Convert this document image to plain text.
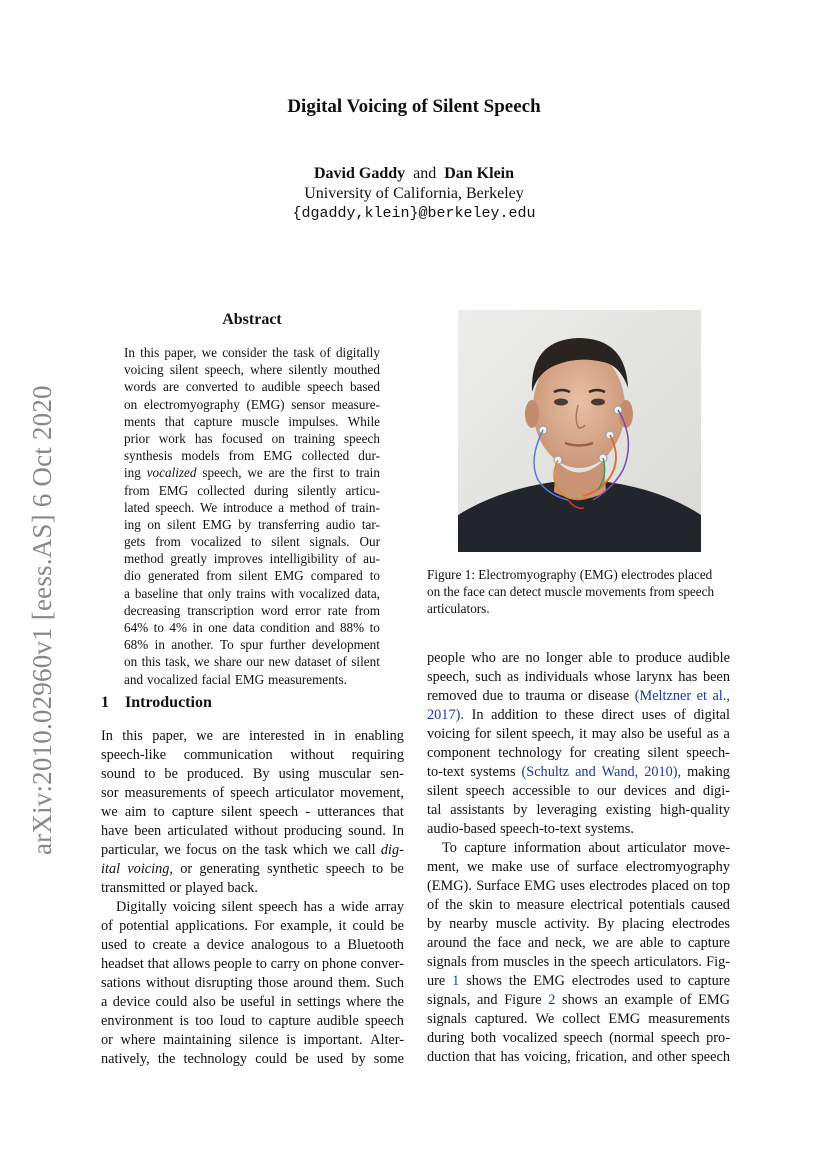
Digital Voicing of Silent Speech
David Gaddy and Dan Klein
University of California, Berkeley
{dgaddy,klein}@berkeley.edu
arXiv:2010.02960v1 [eess.AS] 6 Oct 2020
Abstract
In this paper, we consider the task of digitally
voicing silent speech, where silently mouthed
words are converted to audible speech based
on electromyography (EMG) sensor measure-
ments that capture muscle impulses. While
prior work has focused on training speech
synthesis models from EMG collected dur-
ing vocalized speech, we are the first to train
from EMG collected during silently articu-
lated speech. We introduce a method of train-
ing on silent EMG by transferring audio tar-
gets from vocalized to silent signals. Our
method greatly improves intelligibility of au-
dio generated from silent EMG compared to
a baseline that only trains with vocalized data,
decreasing transcription word error rate from
64% to 4% in one data condition and 88% to
68% in another. To spur further development
on this task, we share our new dataset of silent
and vocalized facial EMG measurements.
1 Introduction
In this paper, we are interested in in enabling
speech-like communication without requiring
sound to be produced. By using muscular sen-
sor measurements of speech articulator movement,
we aim to capture silent speech - utterances that
have been articulated without producing sound. In
particular, we focus on the task which we call dig-
ital voicing, or generating synthetic speech to be
transmitted or played back.
Digitally voicing silent speech has a wide array
of potential applications. For example, it could be
used to create a device analogous to a Bluetooth
headset that allows people to carry on phone conver-
sations without disrupting those around them. Such
a device could also be useful in settings where the
environment is too loud to capture audible speech
or where maintaining silence is important. Alter-
natively, the technology could be used by some
Figure 1: Electromyography (EMG) electrodes placed
on the face can detect muscle movements from speech
articulators.
people who are no longer able to produce audible
speech, such as individuals whose larynx has been
removed due to trauma or disease (Meltzner et al.,
2017). In addition to these direct uses of digital
voicing for silent speech, it may also be useful as a
component technology for creating silent speech-
to-text systems (Schultz and Wand, 2010), making
silent speech accessible to our devices and digi-
tal assistants by leveraging existing high-quality
audio-based speech-to-text systems.
To capture information about articulator move-
ment, we make use of surface electromyography
(EMG). Surface EMG uses electrodes placed on top
of the skin to measure electrical potentials caused
by nearby muscle activity. By placing electrodes
around the face and neck, we are able to capture
signals from muscles in the speech articulators. Fig-
ure 1 shows the EMG electrodes used to capture
signals, and Figure 2 shows an example of EMG
signals captured. We collect EMG measurements
during both vocalized speech (normal speech pro-
duction that has voicing, frication, and other speech
